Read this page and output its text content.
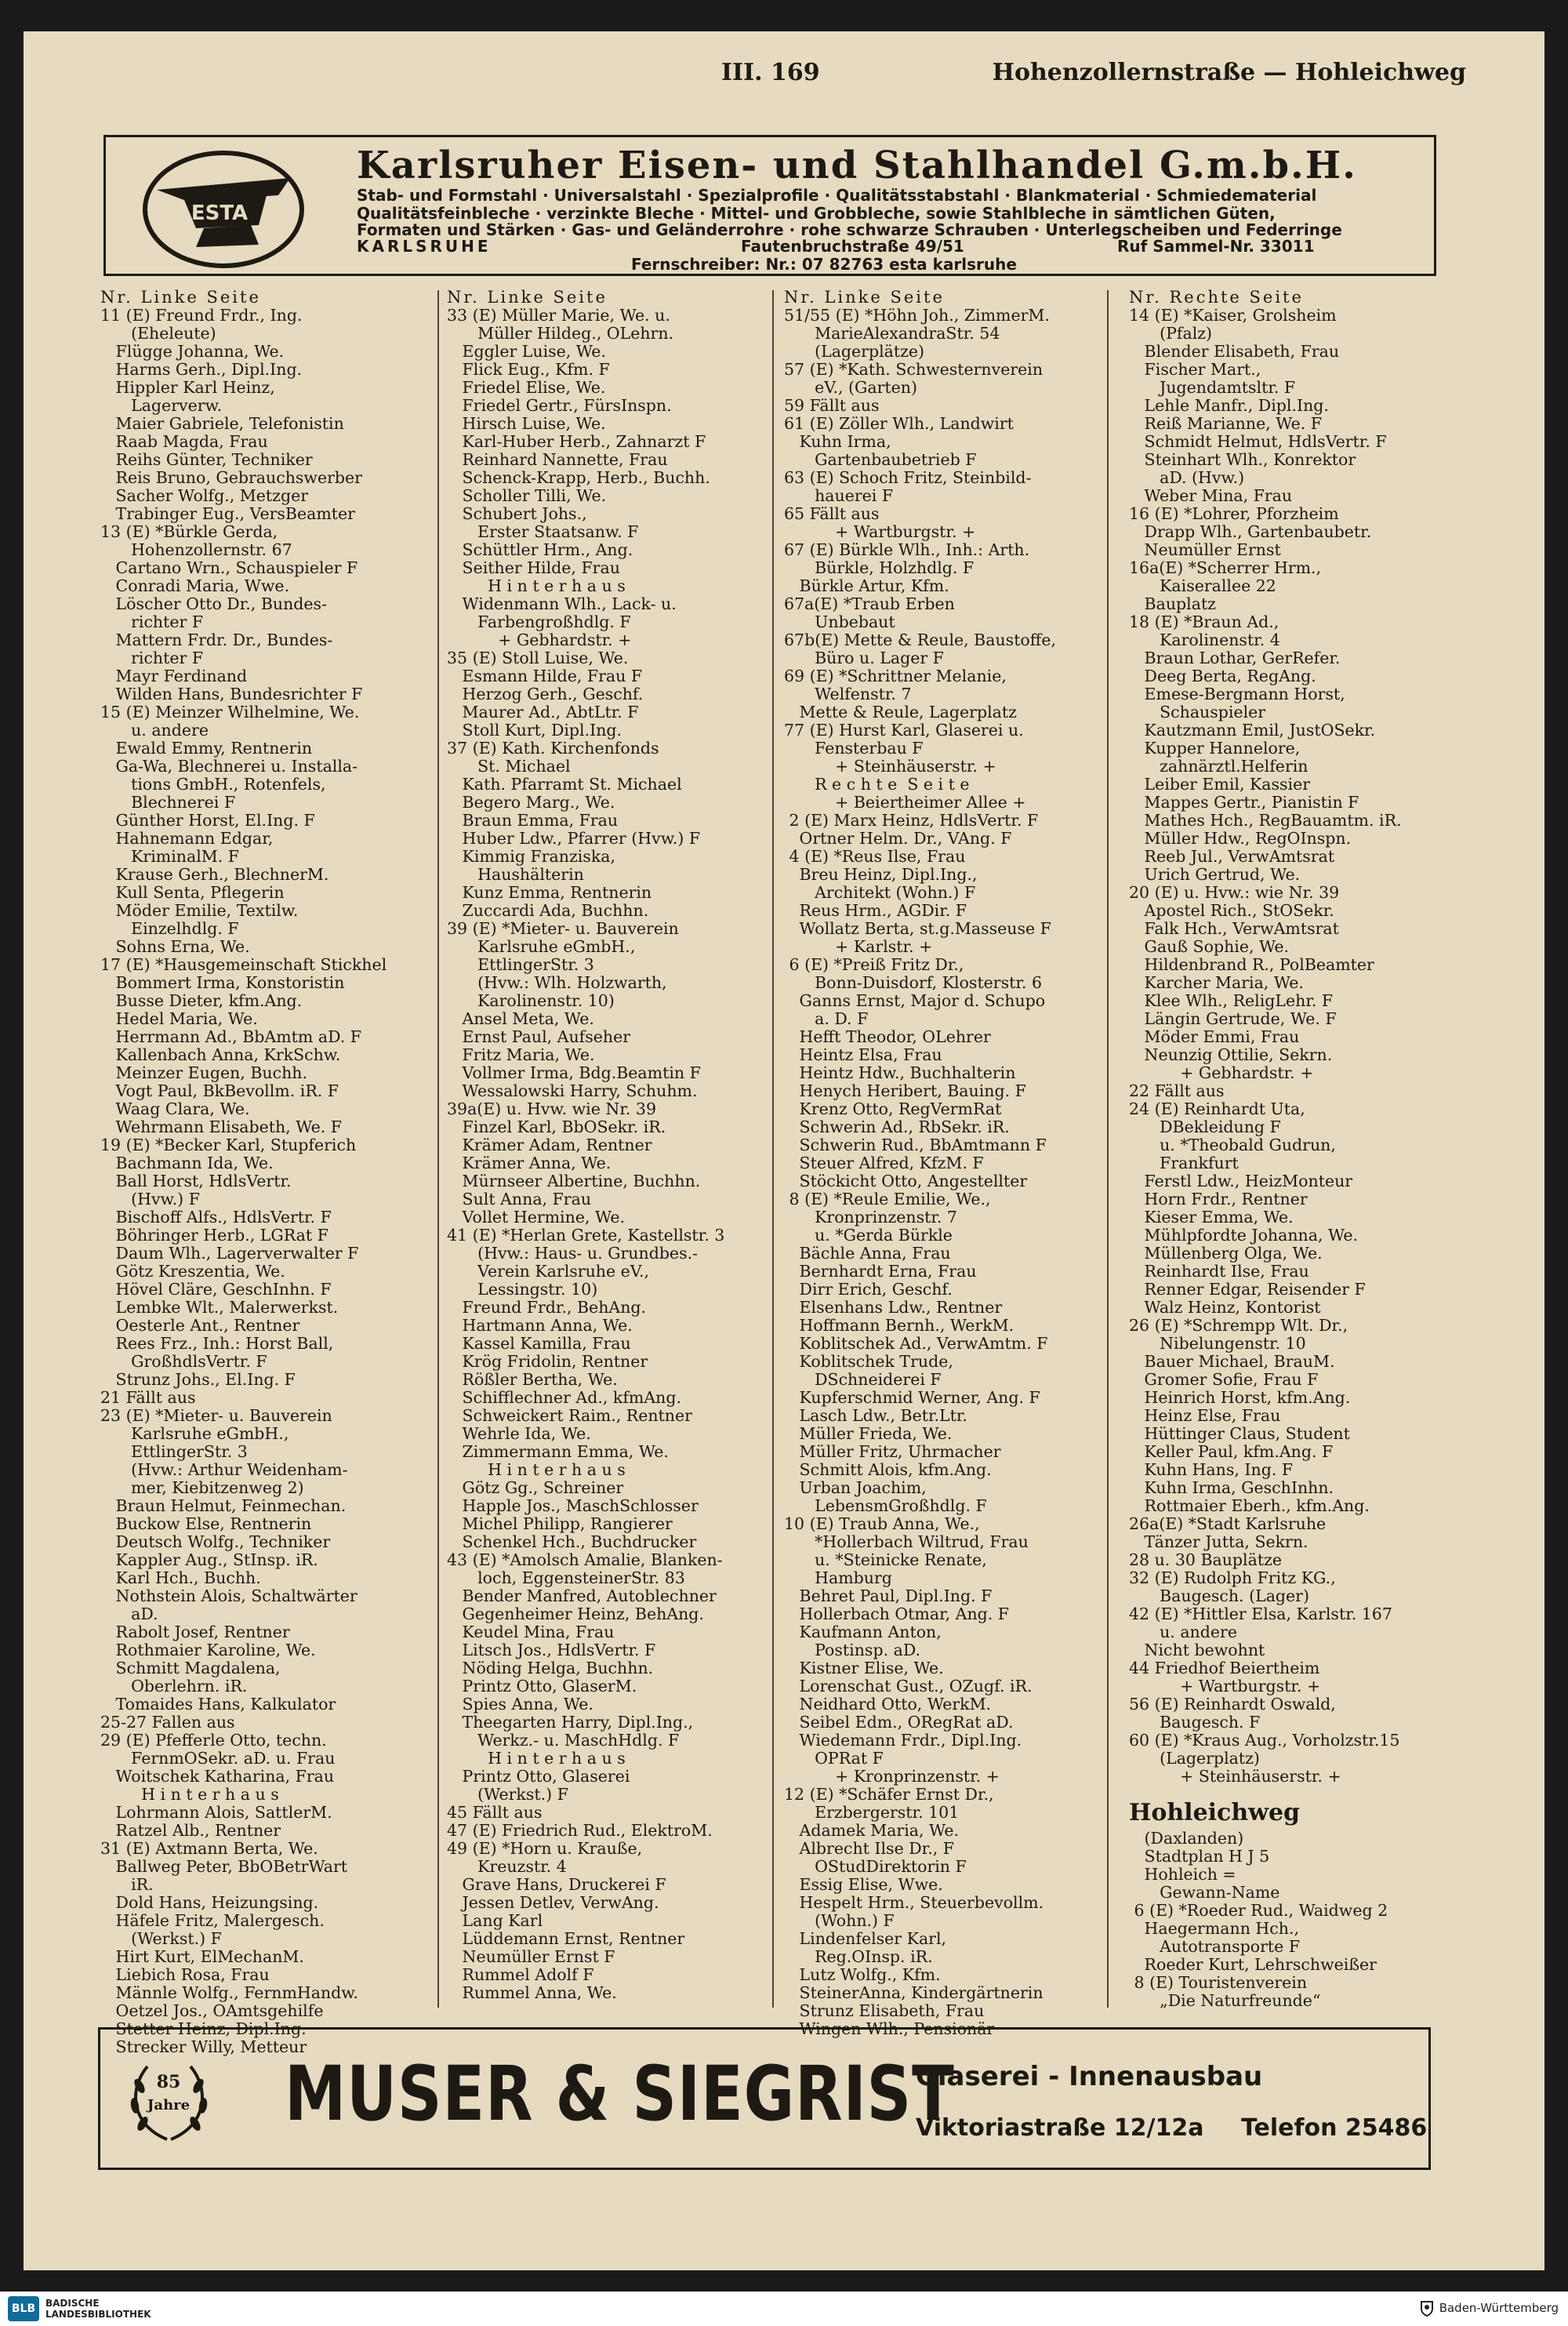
III. 169	Hohenzollernstraße — Hohleichweg
ESTA
Karlsruher Eisen- und Stahlhandel G.m.b.H.
Stab- und Formstahl · Universalstahl · Spezialprofile · Qualitätsstabstahl · Blankmaterial · Schmiedematerial
Qualitätsfeinbleche · verzinkte Bleche · Mittel- und Grobbleche, sowie Stahlbleche in sämtlichen Güten,
Formaten und Stärken · Gas- und Geländerrohre · rohe schwarze Schrauben · Unterlegscheiben und Federringe
KARLSRUHE	Fautenbruchstraße 49/51	Ruf Sammel-Nr. 33011
Fernschreiber: Nr.: 07 82763 esta karlsruhe
Nr. Linke Seite
11 (E) Freund Frdr., Ing.
(Eheleute)
Flügge Johanna, We.
Harms Gerh., Dipl.Ing.
Hippler Karl Heinz,
Lagerverw.
Maier Gabriele, Telefonistin
Raab Magda, Frau
Reihs Günter, Techniker
Reis Bruno, Gebrauchswerber
Sacher Wolfg., Metzger
Trabinger Eug., VersBeamter
13 (E) *Bürkle Gerda,
Hohenzollernstr. 67
Cartano Wrn., Schauspieler F
Conradi Maria, Wwe.
Löscher Otto Dr., Bundes-
richter F
Mattern Frdr. Dr., Bundes-
richter F
Mayr Ferdinand
Wilden Hans, Bundesrichter F
15 (E) Meinzer Wilhelmine, We.
u. andere
Ewald Emmy, Rentnerin
Ga-Wa, Blechnerei u. Installa-
tions GmbH., Rotenfels,
Blechnerei F
Günther Horst, El.Ing. F
Hahnemann Edgar,
KriminalM. F
Krause Gerh., BlechnerM.
Kull Senta, Pflegerin
Möder Emilie, Textilw.
Einzelhdlg. F
Sohns Erna, We.
17 (E) *Hausgemeinschaft Stickhel
Bommert Irma, Konstoristin
Busse Dieter, kfm.Ang.
Hedel Maria, We.
Herrmann Ad., BbAmtm aD. F
Kallenbach Anna, KrkSchw.
Meinzer Eugen, Buchh.
Vogt Paul, BkBevollm. iR. F
Waag Clara, We.
Wehrmann Elisabeth, We. F
19 (E) *Becker Karl, Stupferich
Bachmann Ida, We.
Ball Horst, HdlsVertr.
(Hvw.) F
Bischoff Alfs., HdlsVertr. F
Böhringer Herb., LGRat F
Daum Wlh., Lagerverwalter F
Götz Kreszentia, We.
Hövel Cläre, GeschInhn. F
Lembke Wlt., Malerwerkst.
Oesterle Ant., Rentner
Rees Frz., Inh.: Horst Ball,
GroßhdlsVertr. F
Strunz Johs., El.Ing. F
21 Fällt aus
23 (E) *Mieter- u. Bauverein
Karlsruhe eGmbH.,
EttlingerStr. 3
(Hvw.: Arthur Weidenham-
mer, Kiebitzenweg 2)
Braun Helmut, Feinmechan.
Buckow Else, Rentnerin
Deutsch Wolfg., Techniker
Kappler Aug., StInsp. iR.
Karl Hch., Buchh.
Nothstein Alois, Schaltwärter
aD.
Rabolt Josef, Rentner
Rothmaier Karoline, We.
Schmitt Magdalena,
Oberlehrn. iR.
Tomaides Hans, Kalkulator
25-27 Fallen aus
29 (E) Pfefferle Otto, techn.
FernmOSekr. aD. u. Frau
Woitschek Katharina, Frau
H i n t e r h a u s
Lohrmann Alois, SattlerM.
Ratzel Alb., Rentner
31 (E) Axtmann Berta, We.
Ballweg Peter, BbOBetrWart
iR.
Dold Hans, Heizungsing.
Häfele Fritz, Malergesch.
(Werkst.) F
Hirt Kurt, ElMechanM.
Liebich Rosa, Frau
Männle Wolfg., FernmHandw.
Oetzel Jos., OAmtsgehilfe
Stetter Heinz, Dipl.Ing.
Strecker Willy, Metteur
Nr. Linke Seite
33 (E) Müller Marie, We. u.
Müller Hildeg., OLehrn.
Eggler Luise, We.
Flick Eug., Kfm. F
Friedel Elise, We.
Friedel Gertr., FürsInspn.
Hirsch Luise, We.
Karl-Huber Herb., Zahnarzt F
Reinhard Nannette, Frau
Schenck-Krapp, Herb., Buchh.
Scholler Tilli, We.
Schubert Johs.,
Erster Staatsanw. F
Schüttler Hrm., Ang.
Seither Hilde, Frau
H i n t e r h a u s
Widenmann Wlh., Lack- u.
Farbengroßhdlg. F
+ Gebhardstr. +
35 (E) Stoll Luise, We.
Esmann Hilde, Frau F
Herzog Gerh., Geschf.
Maurer Ad., AbtLtr. F
Stoll Kurt, Dipl.Ing.
37 (E) Kath. Kirchenfonds
St. Michael
Kath. Pfarramt St. Michael
Begero Marg., We.
Braun Emma, Frau
Huber Ldw., Pfarrer (Hvw.) F
Kimmig Franziska,
Haushälterin
Kunz Emma, Rentnerin
Zuccardi Ada, Buchhn.
39 (E) *Mieter- u. Bauverein
Karlsruhe eGmbH.,
EttlingerStr. 3
(Hvw.: Wlh. Holzwarth,
Karolinenstr. 10)
Ansel Meta, We.
Ernst Paul, Aufseher
Fritz Maria, We.
Vollmer Irma, Bdg.Beamtin F
Wessalowski Harry, Schuhm.
39a(E) u. Hvw. wie Nr. 39
Finzel Karl, BbOSekr. iR.
Krämer Adam, Rentner
Krämer Anna, We.
Mürnseer Albertine, Buchhn.
Sult Anna, Frau
Vollet Hermine, We.
41 (E) *Herlan Grete, Kastellstr. 3
(Hvw.: Haus- u. Grundbes.-
Verein Karlsruhe eV.,
Lessingstr. 10)
Freund Frdr., BehAng.
Hartmann Anna, We.
Kassel Kamilla, Frau
Krög Fridolin, Rentner
Rößler Bertha, We.
Schifflechner Ad., kfmAng.
Schweickert Raim., Rentner
Wehrle Ida, We.
Zimmermann Emma, We.
H i n t e r h a u s
Götz Gg., Schreiner
Happle Jos., MaschSchlosser
Michel Philipp, Rangierer
Schenkel Hch., Buchdrucker
43 (E) *Amolsch Amalie, Blanken-
loch, EggensteinerStr. 83
Bender Manfred, Autoblechner
Gegenheimer Heinz, BehAng.
Keudel Mina, Frau
Litsch Jos., HdlsVertr. F
Nöding Helga, Buchhn.
Printz Otto, GlaserM.
Spies Anna, We.
Theegarten Harry, Dipl.Ing.,
Werkz.- u. MaschHdlg. F
H i n t e r h a u s
Printz Otto, Glaserei
(Werkst.) F
45 Fällt aus
47 (E) Friedrich Rud., ElektroM.
49 (E) *Horn u. Krauße,
Kreuzstr. 4
Grave Hans, Druckerei F
Jessen Detlev, VerwAng.
Lang Karl
Lüddemann Ernst, Rentner
Neumüller Ernst F
Rummel Adolf F
Rummel Anna, We.
Nr. Linke Seite
51/55 (E) *Höhn Joh., ZimmerM.
MarieAlexandraStr. 54
(Lagerplätze)
57 (E) *Kath. Schwesternverein
eV., (Garten)
59 Fällt aus
61 (E) Zöller Wlh., Landwirt
Kuhn Irma,
Gartenbaubetrieb F
63 (E) Schoch Fritz, Steinbild-
hauerei F
65 Fällt aus
+ Wartburgstr. +
67 (E) Bürkle Wlh., Inh.: Arth.
Bürkle, Holzhdlg. F
Bürkle Artur, Kfm.
67a(E) *Traub Erben
Unbebaut
67b(E) Mette & Reule, Baustoffe,
Büro u. Lager F
69 (E) *Schrittner Melanie,
Welfenstr. 7
Mette & Reule, Lagerplatz
77 (E) Hurst Karl, Glaserei u.
Fensterbau F
+ Steinhäuserstr. +
R e c h t e  S e i t e
+ Beiertheimer Allee +
2 (E) Marx Heinz, HdlsVertr. F
Ortner Helm. Dr., VAng. F
4 (E) *Reus Ilse, Frau
Breu Heinz, Dipl.Ing.,
Architekt (Wohn.) F
Reus Hrm., AGDir. F
Wollatz Berta, st.g.Masseuse F
+ Karlstr. +
6 (E) *Preiß Fritz Dr.,
Bonn-Duisdorf, Klosterstr. 6
Ganns Ernst, Major d. Schupo
a. D. F
Hefft Theodor, OLehrer
Heintz Elsa, Frau
Heintz Hdw., Buchhalterin
Henych Heribert, Bauing. F
Krenz Otto, RegVermRat
Schwerin Ad., RbSekr. iR.
Schwerin Rud., BbAmtmann F
Steuer Alfred, KfzM. F
Stöckicht Otto, Angestellter
8 (E) *Reule Emilie, We.,
Kronprinzenstr. 7
u. *Gerda Bürkle
Bächle Anna, Frau
Bernhardt Erna, Frau
Dirr Erich, Geschf.
Elsenhans Ldw., Rentner
Hoffmann Bernh., WerkM.
Koblitschek Ad., VerwAmtm. F
Koblitschek Trude,
DSchneiderei F
Kupferschmid Werner, Ang. F
Lasch Ldw., Betr.Ltr.
Müller Frieda, We.
Müller Fritz, Uhrmacher
Schmitt Alois, kfm.Ang.
Urban Joachim,
LebensmGroßhdlg. F
10 (E) Traub Anna, We.,
*Hollerbach Wiltrud, Frau
u. *Steinicke Renate,
Hamburg
Behret Paul, Dipl.Ing. F
Hollerbach Otmar, Ang. F
Kaufmann Anton,
Postinsp. aD.
Kistner Elise, We.
Lorenschat Gust., OZugf. iR.
Neidhard Otto, WerkM.
Seibel Edm., ORegRat aD.
Wiedemann Frdr., Dipl.Ing.
OPRat F
+ Kronprinzenstr. +
12 (E) *Schäfer Ernst Dr.,
Erzbergerstr. 101
Adamek Maria, We.
Albrecht Ilse Dr., F
OStudDirektorin F
Essig Elise, Wwe.
Hespelt Hrm., Steuerbevollm.
(Wohn.) F
Lindenfelser Karl,
Reg.OInsp. iR.
Lutz Wolfg., Kfm.
SteinerAnna, Kindergärtnerin
Strunz Elisabeth, Frau
Wingen Wlh., Pensionär
Nr. Rechte Seite
14 (E) *Kaiser, Grolsheim
(Pfalz)
Blender Elisabeth, Frau
Fischer Mart.,
Jugendamtsltr. F
Lehle Manfr., Dipl.Ing.
Reiß Marianne, We. F
Schmidt Helmut, HdlsVertr. F
Steinhart Wlh., Konrektor
aD. (Hvw.)
Weber Mina, Frau
16 (E) *Lohrer, Pforzheim
Drapp Wlh., Gartenbaubetr.
Neumüller Ernst
16a(E) *Scherrer Hrm.,
Kaiserallee 22
Bauplatz
18 (E) *Braun Ad.,
Karolinenstr. 4
Braun Lothar, GerRefer.
Deeg Berta, RegAng.
Emese-Bergmann Horst,
Schauspieler
Kautzmann Emil, JustOSekr.
Kupper Hannelore,
zahnärztl.Helferin
Leiber Emil, Kassier
Mappes Gertr., Pianistin F
Mathes Hch., RegBauamtm. iR.
Müller Hdw., RegOInspn.
Reeb Jul., VerwAmtsrat
Urich Gertrud, We.
20 (E) u. Hvw.: wie Nr. 39
Apostel Rich., StOSekr.
Falk Hch., VerwAmtsrat
Gauß Sophie, We.
Hildenbrand R., PolBeamter
Karcher Maria, We.
Klee Wlh., ReligLehr. F
Längin Gertrude, We. F
Möder Emmi, Frau
Neunzig Ottilie, Sekrn.
+ Gebhardstr. +
22 Fällt aus
24 (E) Reinhardt Uta,
DBekleidung F
u. *Theobald Gudrun,
Frankfurt
Ferstl Ldw., HeizMonteur
Horn Frdr., Rentner
Kieser Emma, We.
Mühlpfordte Johanna, We.
Müllenberg Olga, We.
Reinhardt Ilse, Frau
Renner Edgar, Reisender F
Walz Heinz, Kontorist
26 (E) *Schrempp Wlt. Dr.,
Nibelungenstr. 10
Bauer Michael, BrauM.
Gromer Sofie, Frau F
Heinrich Horst, kfm.Ang.
Heinz Else, Frau
Hüttinger Claus, Student
Keller Paul, kfm.Ang. F
Kuhn Hans, Ing. F
Kuhn Irma, GeschInhn.
Rottmaier Eberh., kfm.Ang.
26a(E) *Stadt Karlsruhe
Tänzer Jutta, Sekrn.
28 u. 30 Bauplätze
32 (E) Rudolph Fritz KG.,
Baugesch. (Lager)
42 (E) *Hittler Elsa, Karlstr. 167
u. andere
Nicht bewohnt
44 Friedhof Beiertheim
+ Wartburgstr. +
56 (E) Reinhardt Oswald,
Baugesch. F
60 (E) *Kraus Aug., Vorholzstr.15
(Lagerplatz)
+ Steinhäuserstr. +
Hohleichweg
(Daxlanden)
Stadtplan H J 5
Hohleich =
Gewann-Name
6 (E) *Roeder Rud., Waidweg 2
Haegermann Hch.,
Autotransporte F
Roeder Kurt, Lehrschweißer
8 (E) Touristenverein
„Die Naturfreunde“
85
Jahre MUSER & SIEGRIST
Glaserei - Innenausbau
Viktoriastraße 12/12a Telefon 25486
BLB	BADISCHE
LANDESBIBLIOTHEK	Baden-Württemberg
